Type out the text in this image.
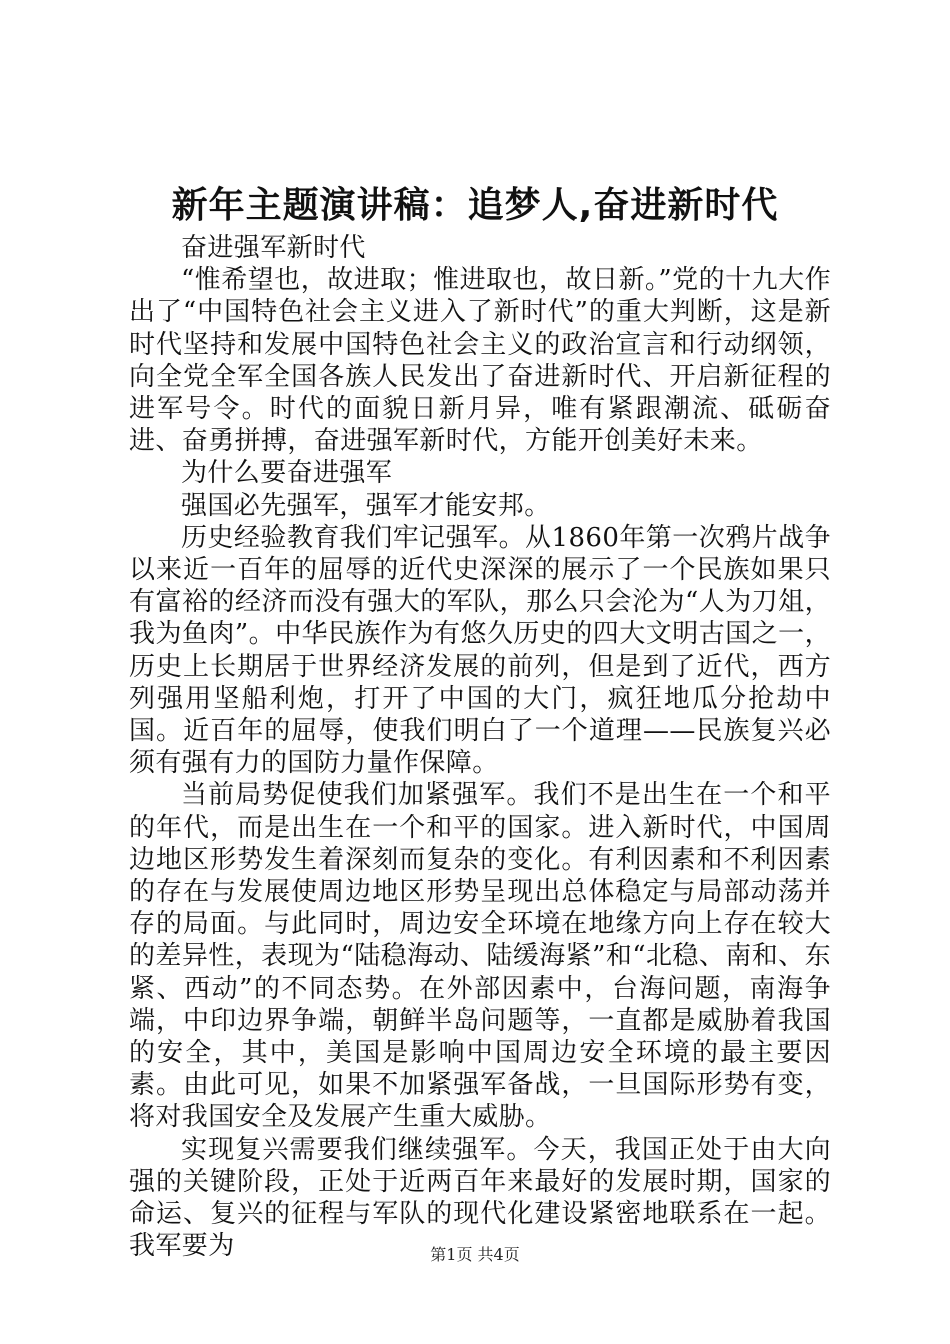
新年主题演讲稿：追梦人,奋进新时代

奋进强军新时代

“惟希望也，故进取；惟进取也，故日新。”党的十九大作出了“中国特色社会主义进入了新时代”的重大判断，这是新时代坚持和发展中国特色社会主义的政治宣言和行动纲领，向全党全军全国各族人民发出了奋进新时代、开启新征程的进军号令。时代的面貌日新月异，唯有紧跟潮流、砥砺奋进、奋勇拼搏，奋进强军新时代，方能开创美好未来。

为什么要奋进强军

强国必先强军，强军才能安邦。

历史经验教育我们牢记强军。从1860年第一次鸦片战争以来近一百年的屈辱的近代史深深的展示了一个民族如果只有富裕的经济而没有强大的军队，那么只会沦为“人为刀俎，我为鱼肉”。中华民族作为有悠久历史的四大文明古国之一，历史上长期居于世界经济发展的前列，但是到了近代，西方列强用坚船利炮，打开了中国的大门，疯狂地瓜分抢劫中国。近百年的屈辱，使我们明白了一个道理——民族复兴必须有强有力的国防力量作保障。

当前局势促使我们加紧强军。我们不是出生在一个和平的年代，而是出生在一个和平的国家。进入新时代，中国周边地区形势发生着深刻而复杂的变化。有利因素和不利因素的存在与发展使周边地区形势呈现出总体稳定与局部动荡并存的局面。与此同时，周边安全环境在地缘方向上存在较大的差异性，表现为“陆稳海动、陆缓海紧”和“北稳、南和、东紧、西动”的不同态势。在外部因素中，台海问题，南海争端，中印边界争端，朝鲜半岛问题等，一直都是威胁着我国的安全，其中，美国是影响中国周边安全环境的最主要因素。由此可见，如果不加紧强军备战，一旦国际形势有变，将对我国安全及发展产生重大威胁。

实现复兴需要我们继续强军。今天，我国正处于由大向强的关键阶段，正处于近两百年来最好的发展时期，国家的命运、复兴的征程与军队的现代化建设紧密地联系在一起。我军要为	第1页 共4页
